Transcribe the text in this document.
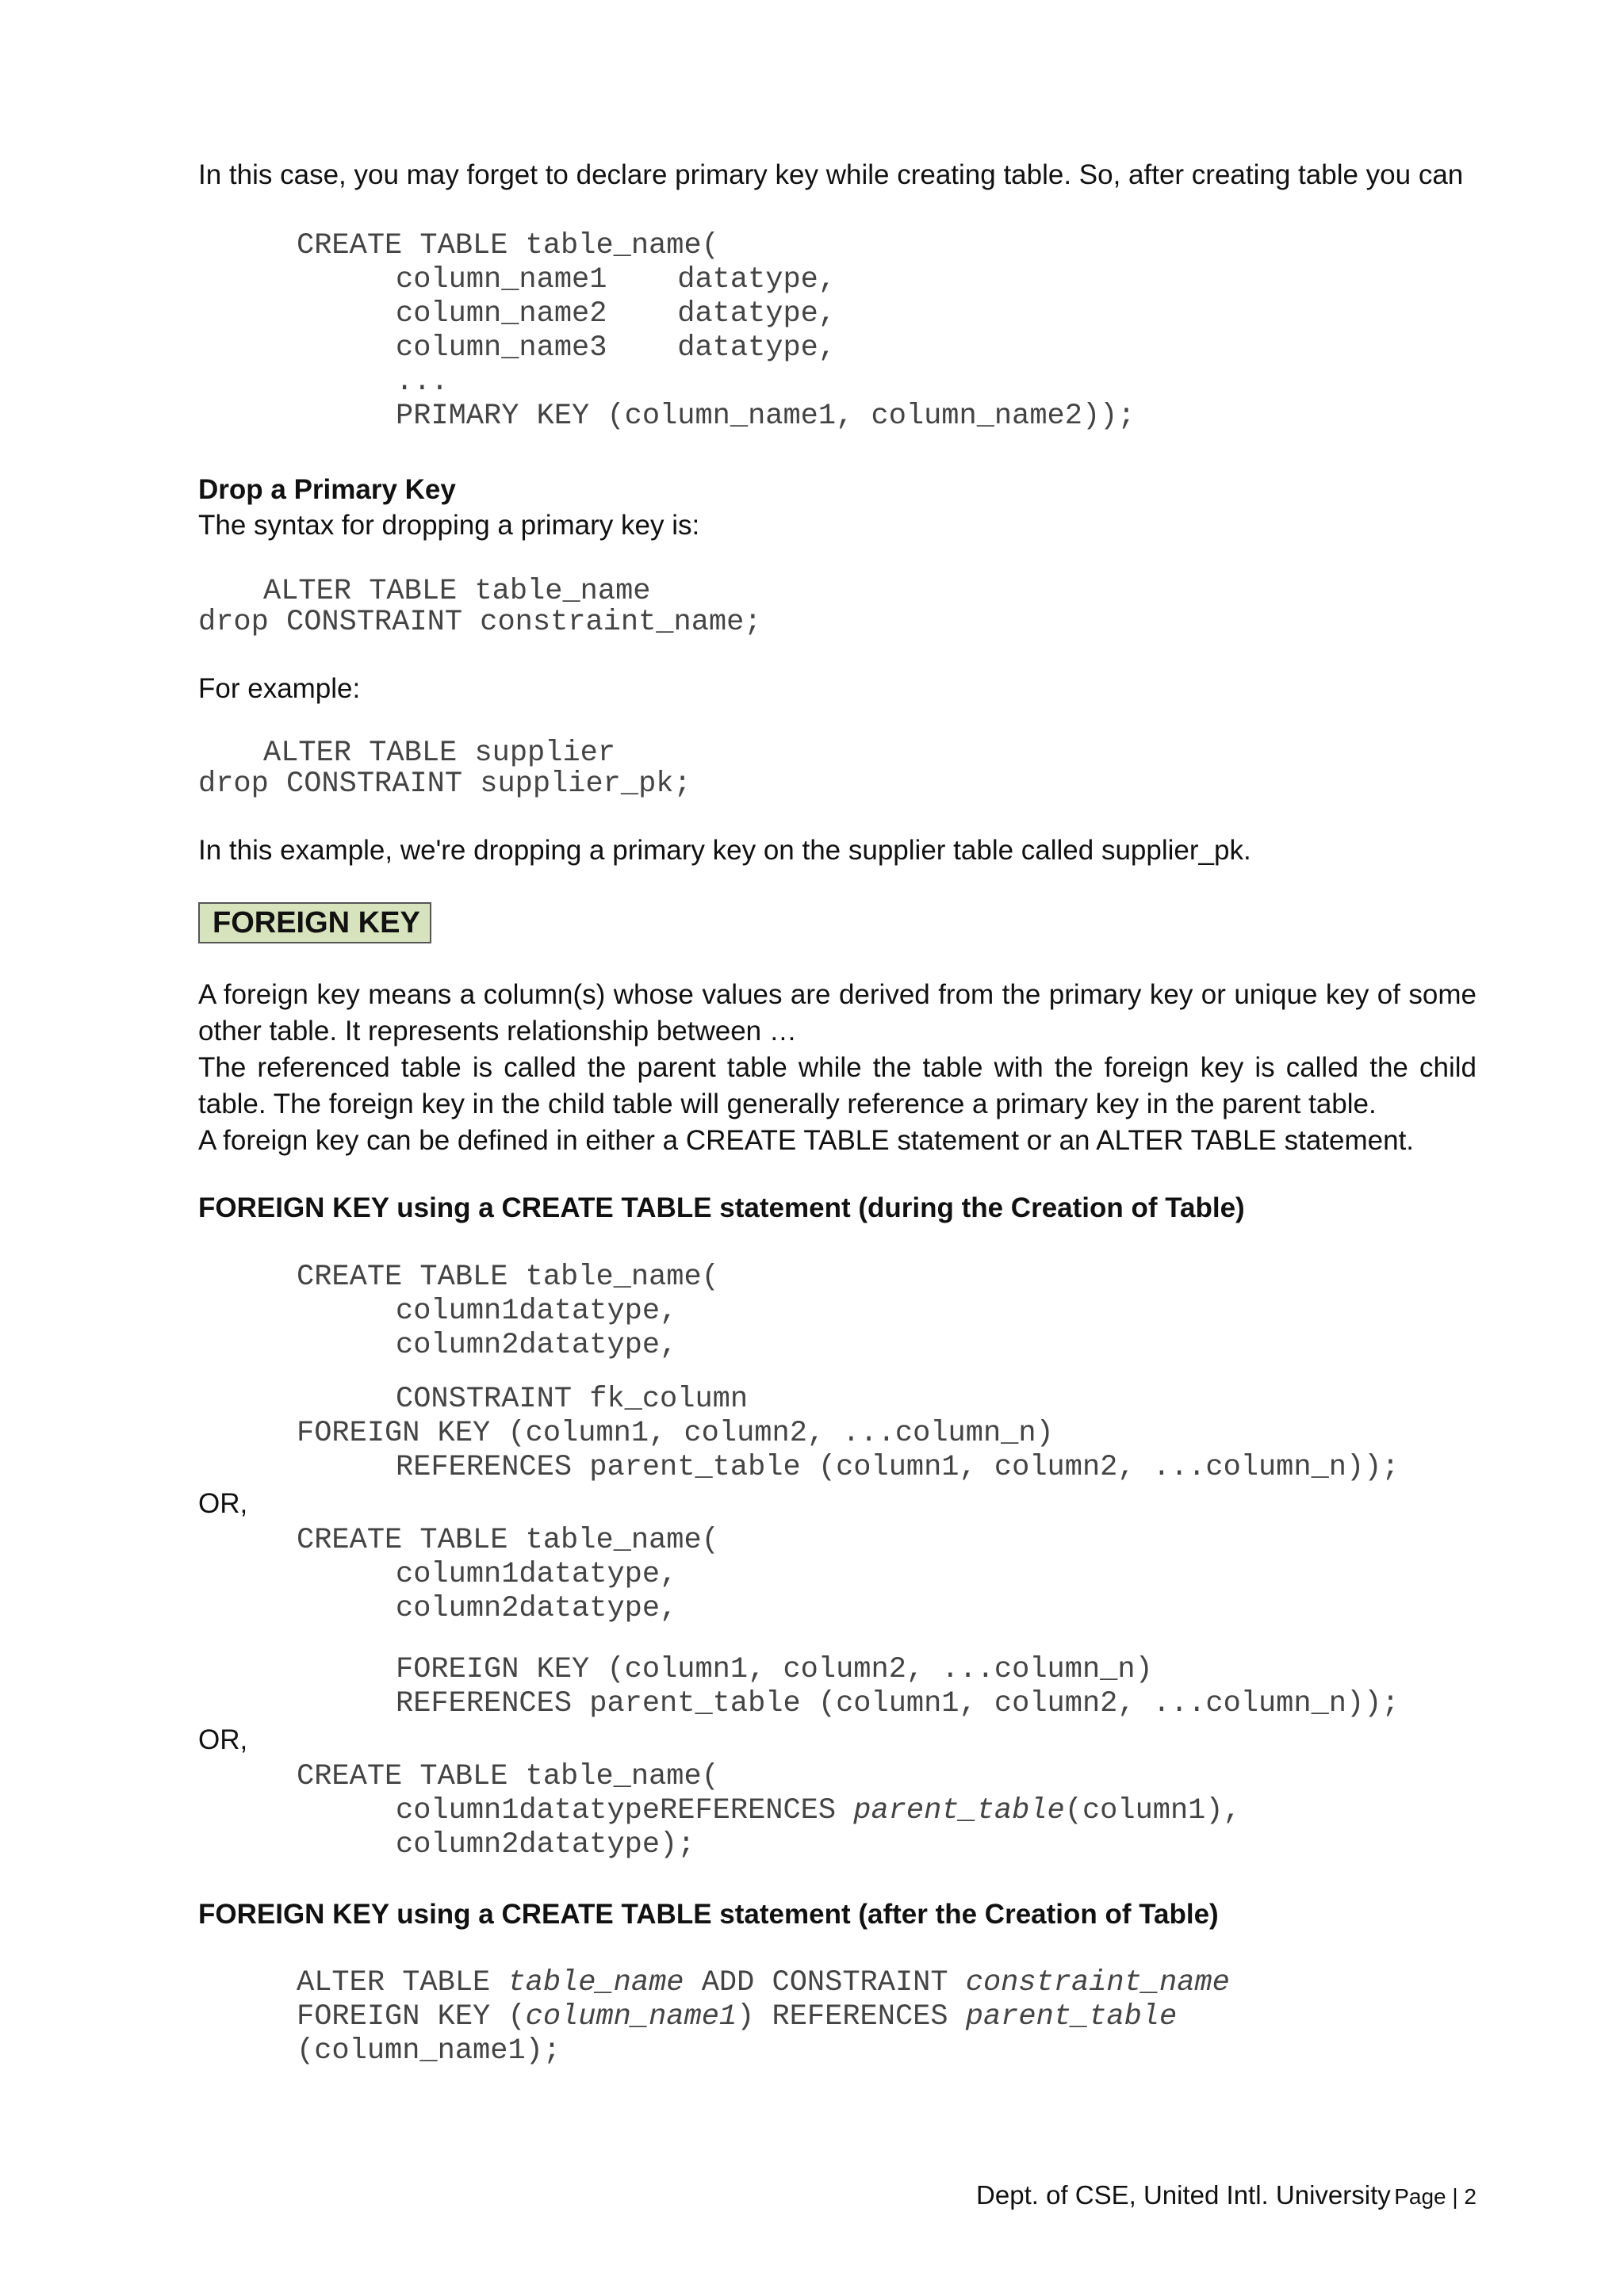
In this case, you may forget to declare primary key while creating table. So, after creating table you can
CREATE TABLE table_name(
column_name1    datatype,
column_name2    datatype,
column_name3    datatype,
...
PRIMARY KEY (column_name1, column_name2));
Drop a Primary Key
The syntax for dropping a primary key is:
ALTER TABLE table_name
drop CONSTRAINT constraint_name;
For example:
ALTER TABLE supplier
drop CONSTRAINT supplier_pk;
In this example, we're dropping a primary key on the supplier table called supplier_pk.
FOREIGN KEY
A foreign key means a column(s) whose values are derived from the primary key or unique key of some other table. It represents relationship between …
The referenced table is called the parent table while the table with the foreign key is called the child table. The foreign key in the child table will generally reference a primary key in the parent table.
A foreign key can be defined in either a CREATE TABLE statement or an ALTER TABLE statement.
FOREIGN KEY using a CREATE TABLE statement (during the Creation of Table)
CREATE TABLE table_name(
column1datatype,
column2datatype,
CONSTRAINT fk_column
FOREIGN KEY (column1, column2, ...column_n)
REFERENCES parent_table (column1, column2, ...column_n));
OR,
CREATE TABLE table_name(
column1datatype,
column2datatype,
FOREIGN KEY (column1, column2, ...column_n)
REFERENCES parent_table (column1, column2, ...column_n));
OR,
CREATE TABLE table_name(
column1datatypeREFERENCES parent_table(column1),
column2datatype);
FOREIGN KEY using a CREATE TABLE statement (after the Creation of Table)
ALTER TABLE table_name ADD CONSTRAINT constraint_name
FOREIGN KEY (column_name1) REFERENCES parent_table
(column_name1);
Dept. of CSE, United Intl. University Page | 2
